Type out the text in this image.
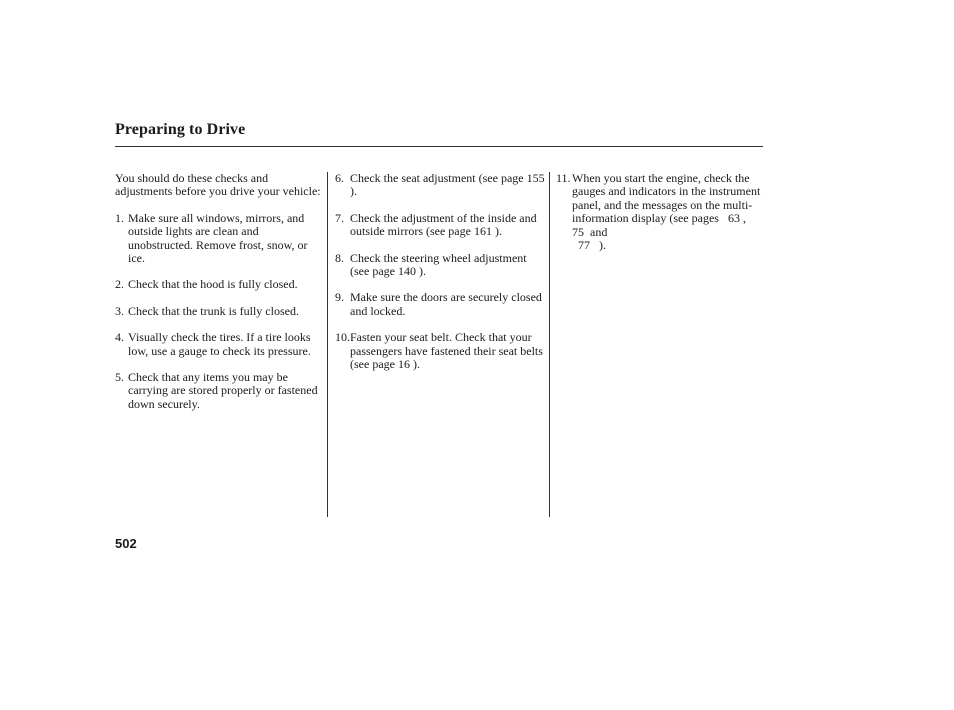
Preparing to Drive
You should do these checks and adjustments before you drive your vehicle:
1. Make sure all windows, mirrors, and outside lights are clean and unobstructed. Remove frost, snow, or ice.
2. Check that the hood is fully closed.
3. Check that the trunk is fully closed.
4. Visually check the tires. If a tire looks low, use a gauge to check its pressure.
5. Check that any items you may be carrying are stored properly or fastened down securely.
6. Check the seat adjustment (see page 155 ).
7. Check the adjustment of the inside and outside mirrors (see page 161 ).
8. Check the steering wheel adjustment (see page 140 ).
9. Make sure the doors are securely closed and locked.
10. Fasten your seat belt. Check that your passengers have fastened their seat belts (see page 16 ).
11. When you start the engine, check the gauges and indicators in the instrument panel, and the messages on the multi-information display (see pages 63 ,   75 and
77 ).
502
